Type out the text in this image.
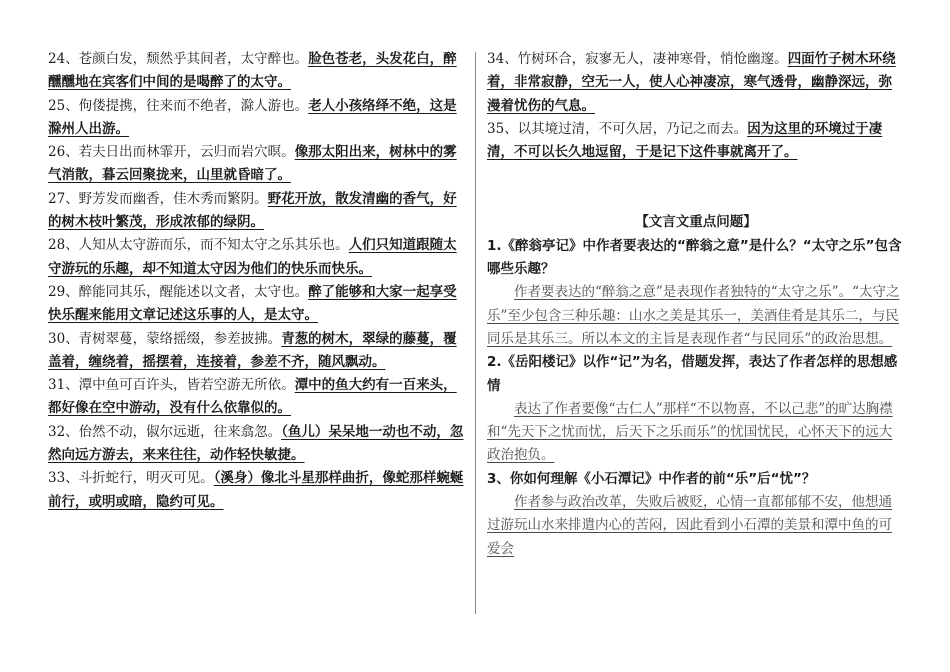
24、苍颜白发，颓然乎其间者，太守醉也。脸色苍老，头发花白，醉醺醺地在宾客们中间的是喝醉了的太守。

25、佝偻提携，往来而不绝者，滁人游也。老人小孩络绎不绝，这是滁州人出游。

26、若夫日出而林霏开，云归而岩穴暝。像那太阳出来，树林中的雾气消散，暮云回聚拢来，山里就昏暗了。

27、野芳发而幽香，佳木秀而繁阴。野花开放，散发清幽的香气，好的树木枝叶繁茂，形成浓郁的绿阴。

28、人知从太守游而乐，而不知太守之乐其乐也。人们只知道跟随太守游玩的乐趣，却不知道太守因为他们的快乐而快乐。

29、醉能同其乐，醒能述以文者，太守也。醉了能够和大家一起享受快乐醒来能用文章记述这乐事的人，是太守。

30、青树翠蔓，蒙络摇缀，参差披拂。青葱的树木，翠绿的藤蔓，覆盖着，缠绕着，摇摆着，连接着，参差不齐，随风飘动。

31、潭中鱼可百许头，皆若空游无所依。潭中的鱼大约有一百来头，都好像在空中游动，没有什么依靠似的。

32、佁然不动，俶尔远逝，往来翕忽。（鱼儿）呆呆地一动也不动，忽然向远方游去，来来往往，动作轻快敏捷。

33、斗折蛇行，明灭可见。（溪身）像北斗星那样曲折，像蛇那样蜿蜒前行，或明或暗，隐约可见。

34、竹树环合，寂寥无人，凄神寒骨，悄怆幽邃。四面竹子树木环绕着，非常寂静，空无一人，使人心神凄凉，寒气透骨，幽静深远，弥漫着忧伤的气息。

35、以其境过清，不可久居，乃记之而去。因为这里的环境过于凄清，不可以长久地逗留，于是记下这件事就离开了。

【文言文重点问题】

1.《醉翁亭记》中作者要表达的“醉翁之意”是什么？“太守之乐”包含哪些乐趣？

作者要表达的“醉翁之意”是表现作者独特的“太守之乐”。“太守之乐”至少包含三种乐趣：山水之美是其乐一，美酒佳肴是其乐二，与民同乐是其乐三。所以本文的主旨是表现作者“与民同乐”的政治思想。

2.《岳阳楼记》以作“记”为名，借题发挥，表达了作者怎样的思想感情

表达了作者要像“古仁人”那样“不以物喜，不以己悲”的旷达胸襟和“先天下之忧而忧，后天下之乐而乐”的忧国忧民，心怀天下的远大政治抱负。

3、你如何理解《小石潭记》中作者的前“乐”后“忧”？

作者参与政治改革，失败后被贬，心情一直都郁郁不安，他想通过游玩山水来排遣内心的苦闷，因此看到小石潭的美景和潭中鱼的可爱会
